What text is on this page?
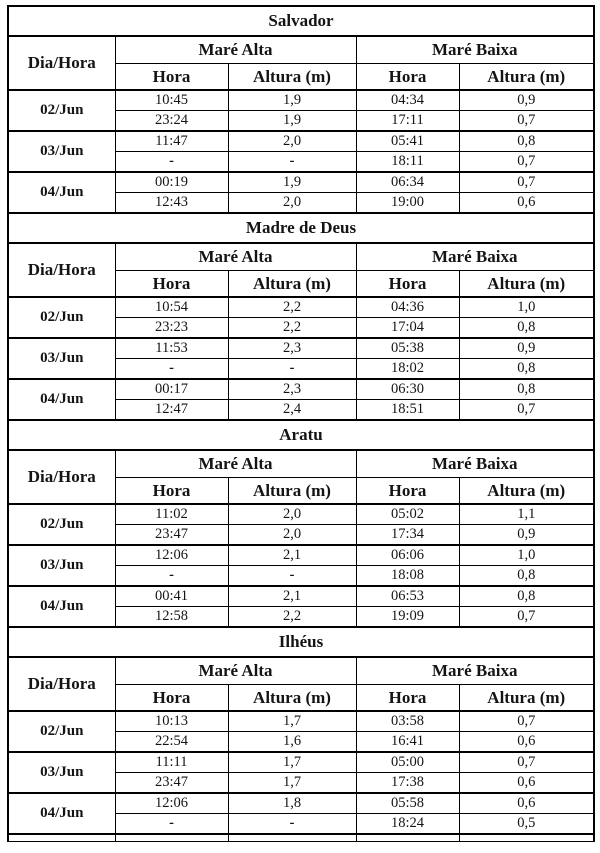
Salvador				
Dia/Hora	Maré Alta		Maré Baixa	
	Hora	Altura (m)	Hora	Altura (m)
02/Jun	10:45	1,9	04:34	0,9
	23:24	1,9	17:11	0,7
03/Jun	11:47	2,0	05:41	0,8
	-	-	18:11	0,7
04/Jun	00:19	1,9	06:34	0,7
	12:43	2,0	19:00	0,6
Madre de Deus				
Dia/Hora	Maré Alta		Maré Baixa	
	Hora	Altura (m)	Hora	Altura (m)
02/Jun	10:54	2,2	04:36	1,0
	23:23	2,2	17:04	0,8
03/Jun	11:53	2,3	05:38	0,9
	-	-	18:02	0,8
04/Jun	00:17	2,3	06:30	0,8
	12:47	2,4	18:51	0,7
Aratu				
Dia/Hora	Maré Alta		Maré Baixa	
	Hora	Altura (m)	Hora	Altura (m)
02/Jun	11:02	2,0	05:02	1,1
	23:47	2,0	17:34	0,9
03/Jun	12:06	2,1	06:06	1,0
	-	-	18:08	0,8
04/Jun	00:41	2,1	06:53	0,8
	12:58	2,2	19:09	0,7
Ilhéus				
Dia/Hora	Maré Alta		Maré Baixa	
	Hora	Altura (m)	Hora	Altura (m)
02/Jun	10:13	1,7	03:58	0,7
	22:54	1,6	16:41	0,6
03/Jun	11:11	1,7	05:00	0,7
	23:47	1,7	17:38	0,6
04/Jun	12:06	1,8	05:58	0,6
	-	-	18:24	0,5
